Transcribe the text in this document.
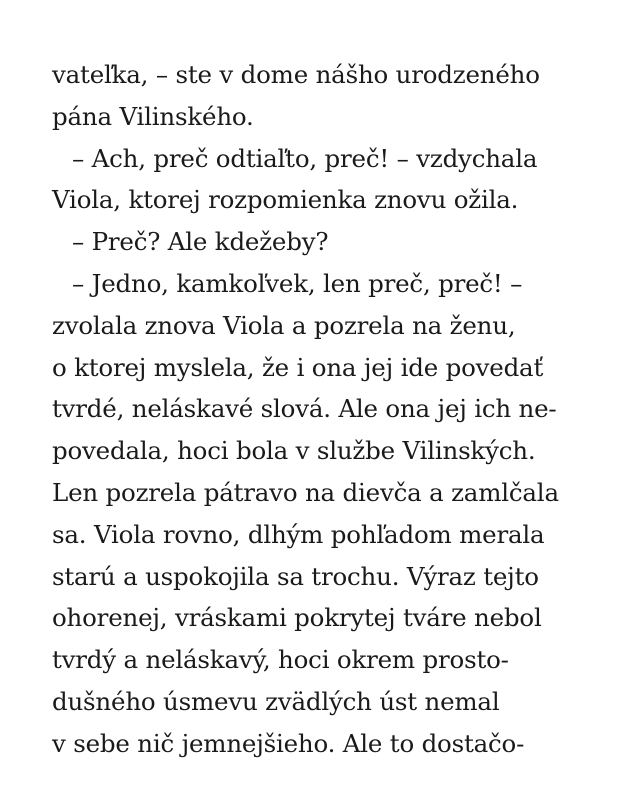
vateľka, – ste v dome nášho urodzeného
pána Vilinského.
– Ach, preč odtiaľto, preč! – vzdychala
Viola, ktorej rozpomienka znovu ožila.
– Preč? Ale kdežeby?
– Jedno, kamkoľvek, len preč, preč! –
zvolala znova Viola a pozrela na ženu,
o ktorej myslela, že i ona jej ide povedať
tvrdé, neláskavé slová. Ale ona jej ich ne-
povedala, hoci bola v službe Vilinských.
Len pozrela pátravo na dievča a zamlčala
sa. Viola rovno, dlhým pohľadom merala
starú a uspokojila sa trochu. Výraz tejto
ohorenej, vráskami pokrytej tváre nebol
tvrdý a neláskavý, hoci okrem prosto-
dušného úsmevu zvädlých úst nemal
v sebe nič jemnejšieho. Ale to dostačo-
